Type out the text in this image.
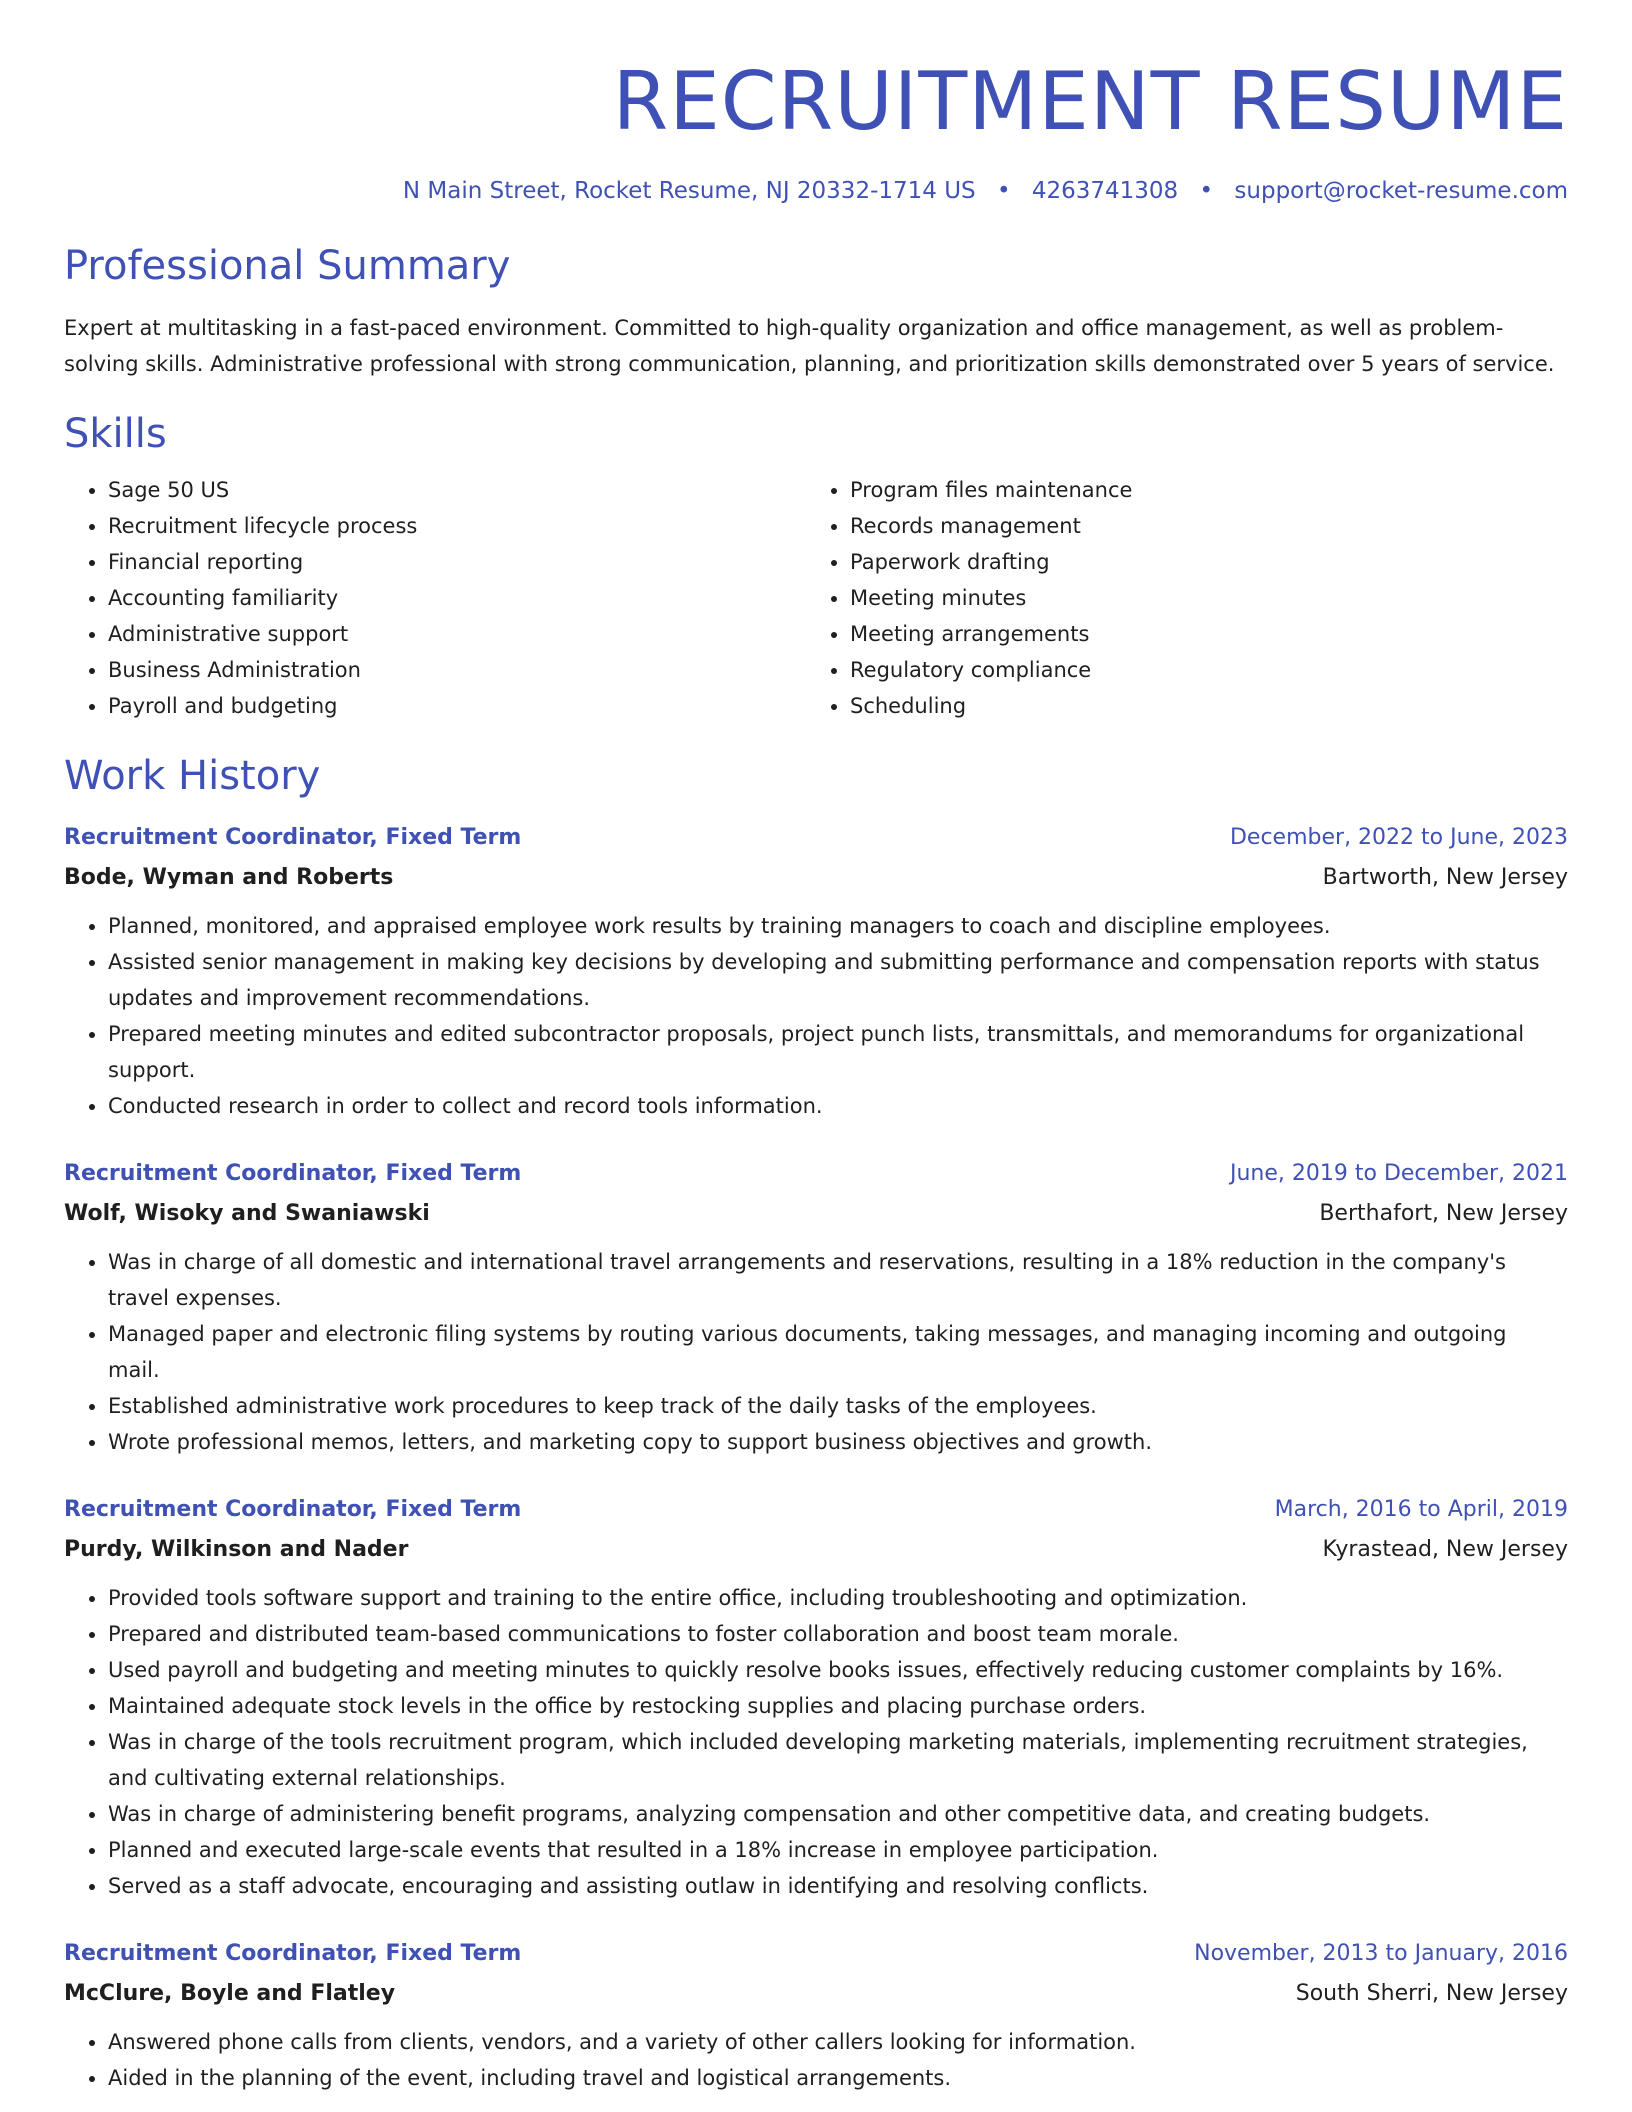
RECRUITMENT RESUME
N Main Street, Rocket Resume, NJ 20332-1714 US • 4263741308 • support@rocket-resume.com
Professional Summary
Expert at multitasking in a fast-paced environment. Committed to high-quality organization and office management, as well as problem-solving skills. Administrative professional with strong communication, planning, and prioritization skills demonstrated over 5 years of service.
Skills
• Sage 50 US
• Recruitment lifecycle process
• Financial reporting
• Accounting familiarity
• Administrative support
• Business Administration
• Payroll and budgeting
• Program files maintenance
• Records management
• Paperwork drafting
• Meeting minutes
• Meeting arrangements
• Regulatory compliance
• Scheduling
Work History
Recruitment Coordinator, Fixed Term	December, 2022 to June, 2023
Bode, Wyman and Roberts	Bartworth, New Jersey
• Planned, monitored, and appraised employee work results by training managers to coach and discipline employees.
• Assisted senior management in making key decisions by developing and submitting performance and compensation reports with status updates and improvement recommendations.
• Prepared meeting minutes and edited subcontractor proposals, project punch lists, transmittals, and memorandums for organizational support.
• Conducted research in order to collect and record tools information.
Recruitment Coordinator, Fixed Term	June, 2019 to December, 2021
Wolf, Wisoky and Swaniawski	Berthafort, New Jersey
• Was in charge of all domestic and international travel arrangements and reservations, resulting in a 18% reduction in the company's travel expenses.
• Managed paper and electronic filing systems by routing various documents, taking messages, and managing incoming and outgoing mail.
• Established administrative work procedures to keep track of the daily tasks of the employees.
• Wrote professional memos, letters, and marketing copy to support business objectives and growth.
Recruitment Coordinator, Fixed Term	March, 2016 to April, 2019
Purdy, Wilkinson and Nader	Kyrastead, New Jersey
• Provided tools software support and training to the entire office, including troubleshooting and optimization.
• Prepared and distributed team-based communications to foster collaboration and boost team morale.
• Used payroll and budgeting and meeting minutes to quickly resolve books issues, effectively reducing customer complaints by 16%.
• Maintained adequate stock levels in the office by restocking supplies and placing purchase orders.
• Was in charge of the tools recruitment program, which included developing marketing materials, implementing recruitment strategies, and cultivating external relationships.
• Was in charge of administering benefit programs, analyzing compensation and other competitive data, and creating budgets.
• Planned and executed large-scale events that resulted in a 18% increase in employee participation.
• Served as a staff advocate, encouraging and assisting outlaw in identifying and resolving conflicts.
Recruitment Coordinator, Fixed Term	November, 2013 to January, 2016
McClure, Boyle and Flatley	South Sherri, New Jersey
• Answered phone calls from clients, vendors, and a variety of other callers looking for information.
• Aided in the planning of the event, including travel and logistical arrangements.
